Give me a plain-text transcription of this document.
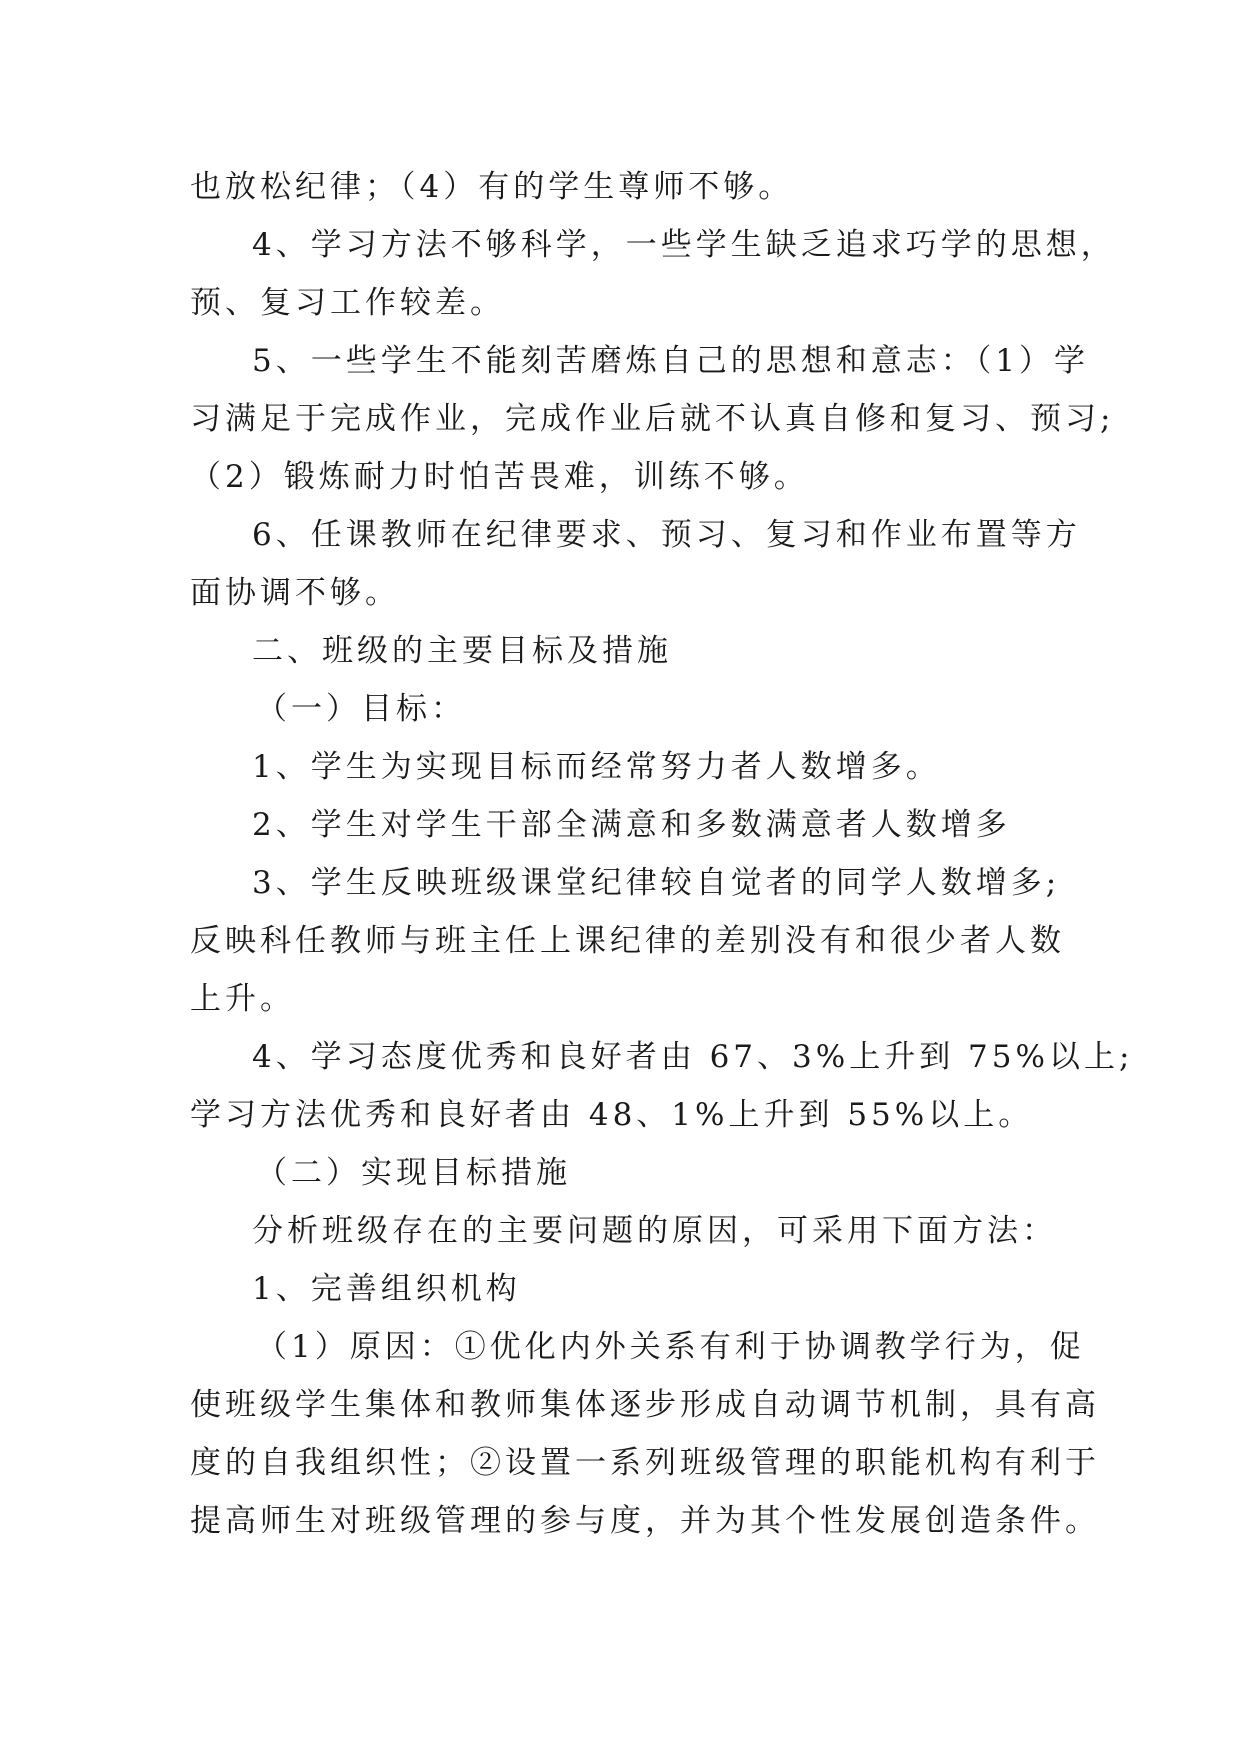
也放松纪律；（4）有的学生尊师不够。
4、学习方法不够科学，一些学生缺乏追求巧学的思想，
预、复习工作较差。
5、一些学生不能刻苦磨炼自己的思想和意志：（1）学
习满足于完成作业，完成作业后就不认真自修和复习、预习;
（2）锻炼耐力时怕苦畏难，训练不够。
6、任课教师在纪律要求、预习、复习和作业布置等方
面协调不够。
二、班级的主要目标及措施
（一）目标：
1、学生为实现目标而经常努力者人数增多。
2、学生对学生干部全满意和多数满意者人数增多
3、学生反映班级课堂纪律较自觉者的同学人数增多;
反映科任教师与班主任上课纪律的差别没有和很少者人数
上升。
4、学习态度优秀和良好者由 67、3%上升到 75%以上;
学习方法优秀和良好者由 48、1%上升到 55%以上。
（二）实现目标措施
分析班级存在的主要问题的原因，可采用下面方法：
1、完善组织机构
（1）原因：①优化内外关系有利于协调教学行为，促
使班级学生集体和教师集体逐步形成自动调节机制，具有高
度的自我组织性；②设置一系列班级管理的职能机构有利于
提高师生对班级管理的参与度，并为其个性发展创造条件。
